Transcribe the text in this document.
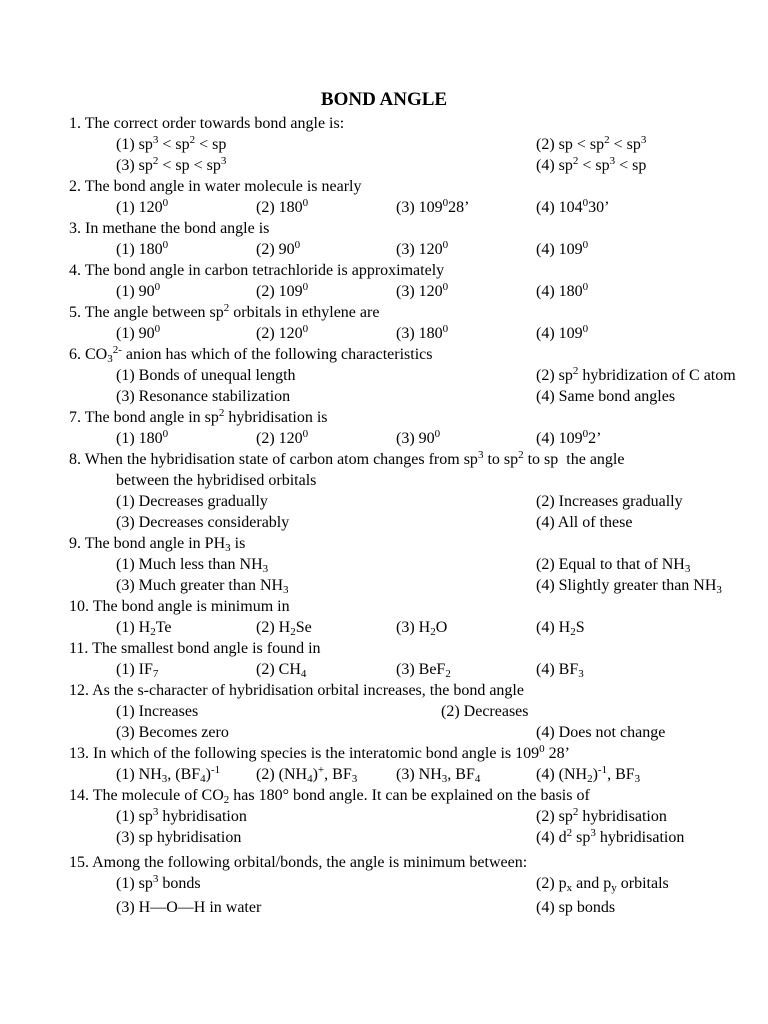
BOND ANGLE
1. The correct order towards bond angle is:
(1) $sp^3 < sp^2$ < sp	(2) sp < $sp^2 < sp^3$
(3) $sp^2$ < sp < $sp^3$	(4) $sp^2 < sp^3$ < sp
2. The bond angle in water molecule is nearly
(1) $120^0$	(2) $180^0$	(3) $109^028$’	(4) $104^030$’
3. In methane the bond angle is
(1) $180^0$	(2) $90^0$	(3) $120^0$	(4) $109^0$
4. The bond angle in carbon tetrachloride is approximately
(1) $90^0$	(2) $109^0$	(3) $120^0$	(4) $180^0$
5. The angle between $sp^2$ orbitals in ethylene are
(1) $90^0$	(2) $120^0$	(3) $180^0$	(4) $109^0$
6. $CO_3^{2-}$ anion has which of the following characteristics
(1) Bonds of unequal length	(2) $sp^2$ hybridization of C atom
(3) Resonance stabilization	(4) Same bond angles
7. The bond angle in $sp^2$ hybridisation is
(1) $180^0$	(2) $120^0$	(3) $90^0$	(4) $109^02$’
8. When the hybridisation state of carbon atom changes from $sp^3$ to $sp^2$ to sp  the angle
between the hybridised orbitals
(1) Decreases gradually	(2) Increases gradually
(3) Decreases considerably	(4) All of these
9. The bond angle in $PH_3$ is
(1) Much less than $NH_3$	(2) Equal to that of $NH_3$
(3) Much greater than $NH_3$	(4) Slightly greater than $NH_3$
10. The bond angle is minimum in
(1) $H_2Te$	(2) $H_2Se$	(3) $H_2O$	(4) $H_2S$
11. The smallest bond angle is found in
(1) $IF_7$	(2) $CH_4$	(3) BeF$_2$	(4) $BF_3$
12. As the s-character of hybridisation orbital increases, the bond angle
(1) Increases	(2) Decreases
(3) Becomes zero	(4) Does not change
13. In which of the following species is the interatomic bond angle is $109^0$ 28’
(1) $NH_3$, $(BF_4)^{-1}$ (2) $(NH_4)^+$, $BF_3$ (3) $NH_3$, $BF_4$	(4) $(NH_2)^{-1}$, $BF_3$
14. The molecule of $CO_2$ has 180° bond angle. It can be explained on the basis of
(1) $sp^3$ hybridisation	(2) $sp^2$ hybridisation
(3) sp hybridisation	(4) $d^2$ $sp^3$ hybridisation
15. Among the following orbital/bonds, the angle is minimum between:
(1) $sp^3$ bonds	(2) $p_x$ and $p_y$ orbitals
(3) H—O—H in water	(4) sp bonds
